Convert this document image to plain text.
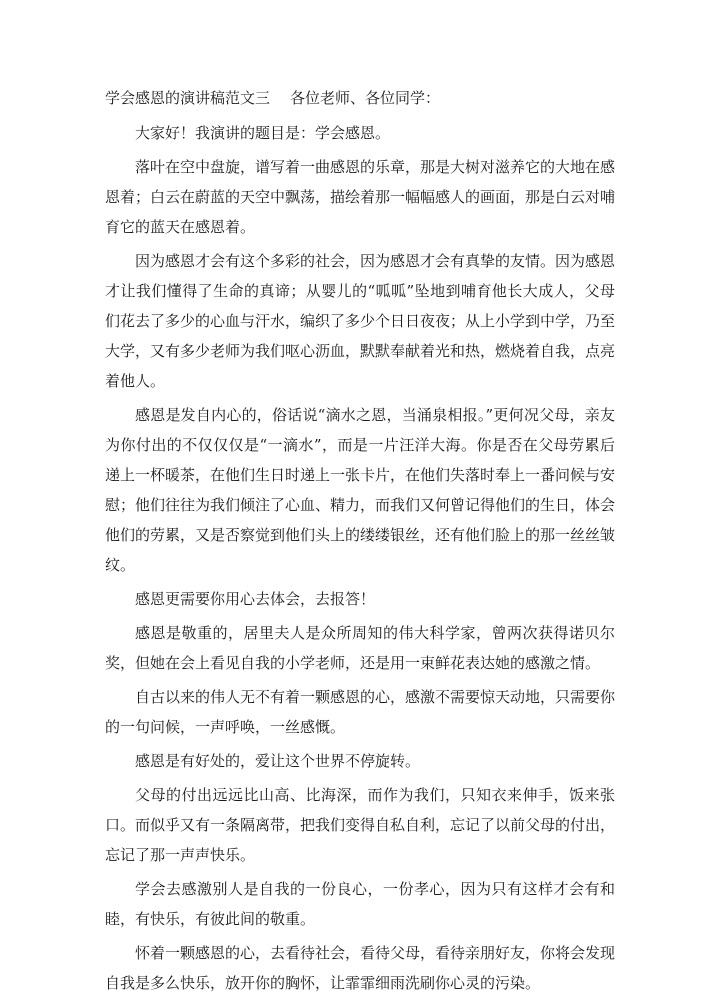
学会感恩的演讲稿范文三 各位老师、各位同学：

大家好！我演讲的题目是：学会感恩。

落叶在空中盘旋，谱写着一曲感恩的乐章，那是大树对滋养它的大地在感恩着；白云在蔚蓝的天空中飘荡，描绘着那一幅幅感人的画面，那是白云对哺育它的蓝天在感恩着。

因为感恩才会有这个多彩的社会，因为感恩才会有真挚的友情。因为感恩才让我们懂得了生命的真谛；从婴儿的“呱呱”坠地到哺育他长大成人，父母们花去了多少的心血与汗水，编织了多少个日日夜夜；从上小学到中学，乃至大学，又有多少老师为我们呕心沥血，默默奉献着光和热，燃烧着自我，点亮着他人。

感恩是发自内心的，俗话说“滴水之恩，当涌泉相报。”更何况父母，亲友为你付出的不仅仅仅是“一滴水”，而是一片汪洋大海。你是否在父母劳累后递上一杯暖茶，在他们生日时递上一张卡片，在他们失落时奉上一番问候与安慰；他们往往为我们倾注了心血、精力，而我们又何曾记得他们的生日，体会他们的劳累，又是否察觉到他们头上的缕缕银丝，还有他们脸上的那一丝丝皱纹。

感恩更需要你用心去体会，去报答！

感恩是敬重的，居里夫人是众所周知的伟大科学家，曾两次获得诺贝尔奖，但她在会上看见自我的小学老师，还是用一束鲜花表达她的感激之情。

自古以来的伟人无不有着一颗感恩的心，感激不需要惊天动地，只需要你的一句问候，一声呼唤，一丝感慨。

感恩是有好处的，爱让这个世界不停旋转。

父母的付出远远比山高、比海深，而作为我们，只知衣来伸手，饭来张口。而似乎又有一条隔离带，把我们变得自私自利，忘记了以前父母的付出，忘记了那一声声快乐。

学会去感激别人是自我的一份良心，一份孝心，因为只有这样才会有和睦，有快乐，有彼此间的敬重。

怀着一颗感恩的心，去看待社会，看待父母，看待亲朋好友，你将会发现自我是多么快乐，放开你的胸怀，让霏霏细雨洗刷你心灵的污染。
